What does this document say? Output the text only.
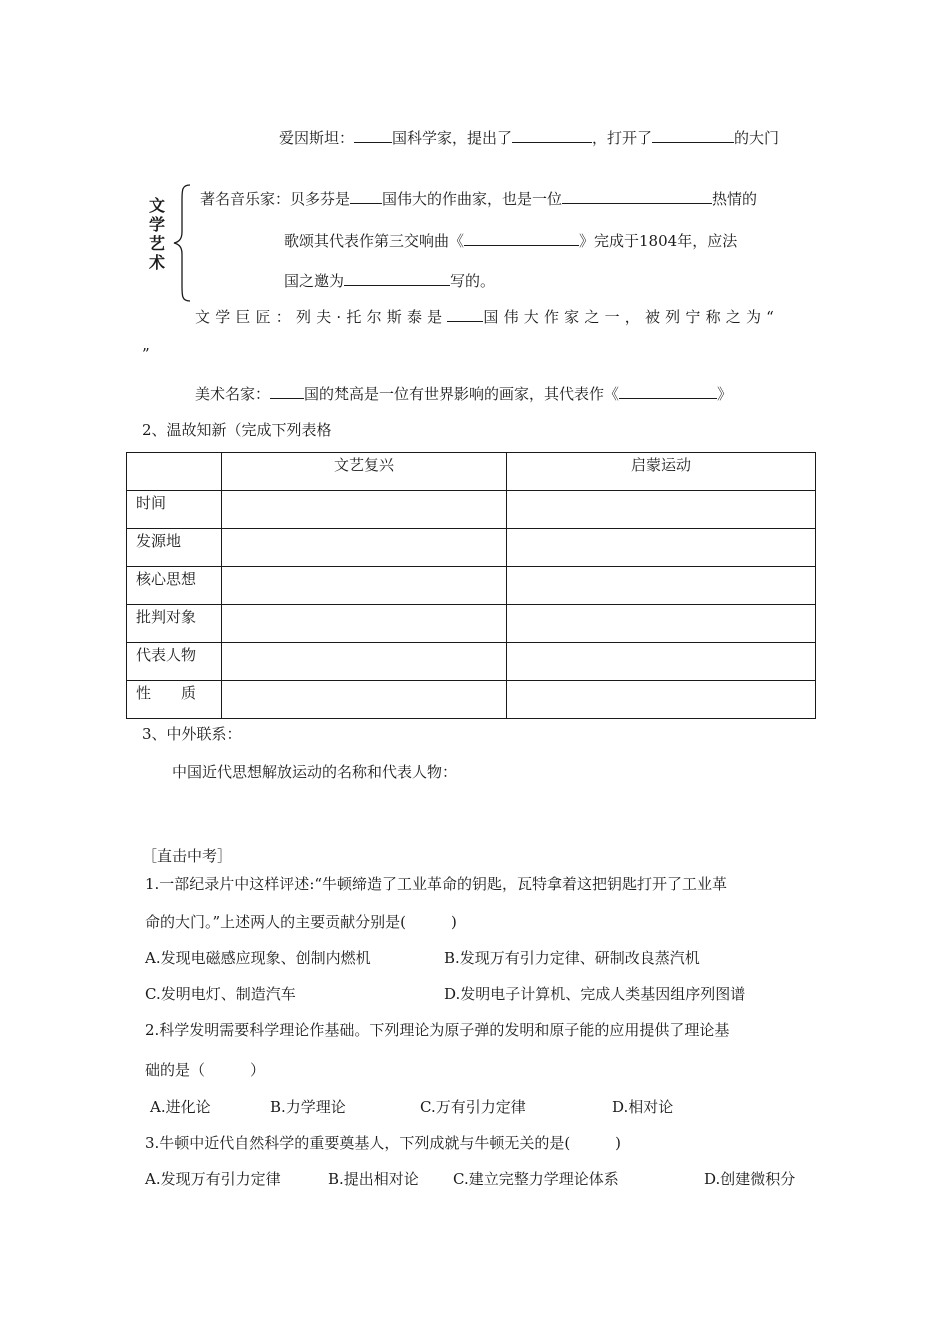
爱因斯坦：	国科学家，提出了	，打开了	的大门
文学艺术
著名音乐家：贝多芬是 国伟大的作曲家，也是一位	热情的
歌颂其代表作第三交响曲《	》完成于1804年，应法
国之邀为	写的。
文学巨匠：列夫·托尔斯泰是 国伟大作家之一，被列宁称之为“
”
美术名家： 国的梵高是一位有世界影响的画家，其代表作《	》
2、温故知新（完成下列表格
	文艺复兴	启蒙运动
时间		
发源地		
核心思想		
批判对象		
代表人物		
性　　质		
3、中外联系：
中国近代思想解放运动的名称和代表人物：
［直击中考］
1.一部纪录片中这样评述:“牛顿缔造了工业革命的钥匙，瓦特拿着这把钥匙打开了工业革
命的大门。”上述两人的主要贡献分别是(　　　)
A.发现电磁感应现象、创制内燃机	B.发现万有引力定律、研制改良蒸汽机
C.发明电灯、制造汽车	D.发明电子计算机、完成人类基因组序列图谱
2.科学发明需要科学理论作基础。下列理论为原子弹的发明和原子能的应用提供了理论基
础的是（　　　）
A.进化论	B.力学理论	C.万有引力定律	D.相对论
3.牛顿中近代自然科学的重要奠基人，下列成就与牛顿无关的是(　　　)
A.发现万有引力定律	B.提出相对论 C.建立完整力学理论体系	D.创建微积分
